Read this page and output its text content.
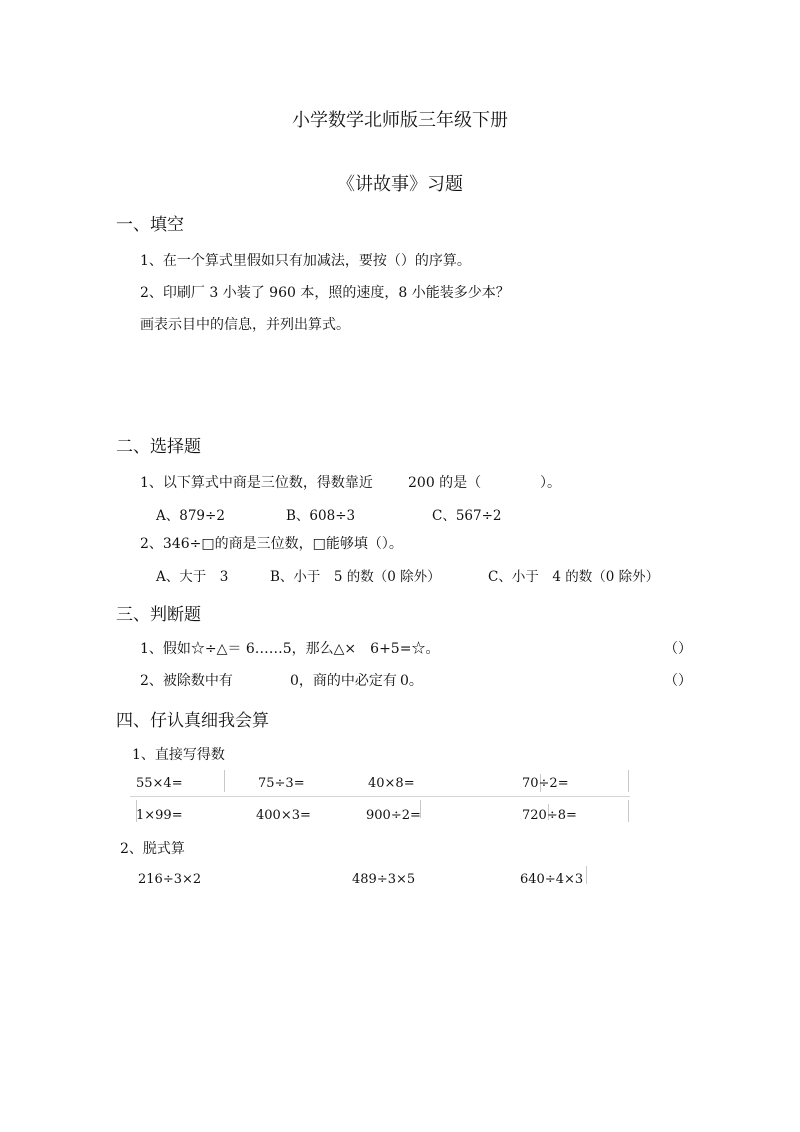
小学数学北师版三年级下册
《讲故事》习题
一、填空
1、在一个算式里假如只有加减法，要按（）的序算。
2、印刷厂 3 小装了 960 本，照的速度，8 小能装多少本？
画表示目中的信息，并列出算式。
二、选择题
1、以下算式中商是三位数，得数靠近	200 的是（	）。
A、879÷2	B、608÷3	C、567÷2
2、346÷□的商是三位数，□能够填（）。
A、大于　3	B、小于　5 的数（0 除外）	C、小于　4 的数（0 除外）
三、判断题
1、假如☆÷△＝ 6……5，那么△×　6+5=☆。	（）
2、被除数中有	0，商的中必定有 0。	（）
四、仔认真细我会算
1、直接写得数
55×4=	75÷3=	40×8=	70÷2=
1×99=	400×3=	900÷2=	720÷8=
2、脱式算
216÷3×2	489÷3×5	640÷4×3
